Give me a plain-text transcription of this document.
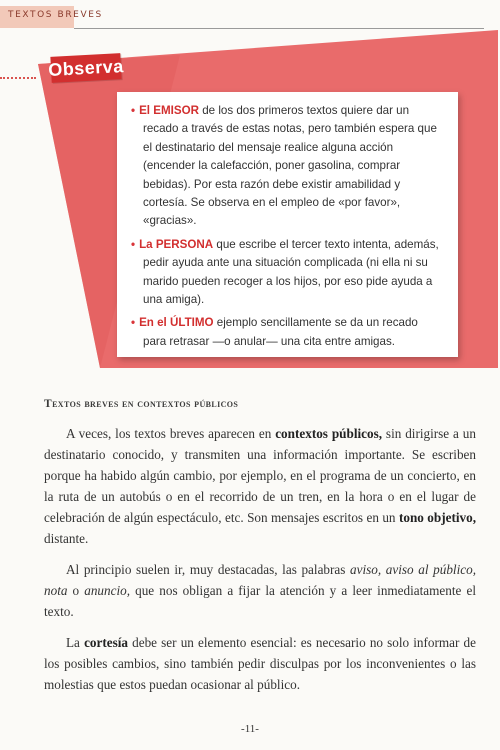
TEXTOS BREVES
Observa

• El EMISOR de los dos primeros textos quiere dar un recado a través de estas notas, pero también espera que el destinatario del mensaje realice alguna acción (encender la calefacción, poner gasolina, comprar bebidas). Por esta razón debe existir amabilidad y cortesía. Se observa en el empleo de «por favor», «gracias».

• La PERSONA que escribe el tercer texto intenta, además, pedir ayuda ante una situación complicada (ni ella ni su marido pueden recoger a los hijos, por eso pide ayuda a una amiga).

• En el ÚLTIMO ejemplo sencillamente se da un recado para retrasar —o anular— una cita entre amigas.

Textos breves en contextos públicos

A veces, los textos breves aparecen en contextos públicos, sin dirigirse a un destinatario conocido, y transmiten una información importante. Se escriben porque ha habido algún cambio, por ejemplo, en el programa de un concierto, en la ruta de un autobús o en el recorrido de un tren, en la hora o en el lugar de celebración de algún espectáculo, etc. Son mensajes escritos en un tono objetivo, distante.

Al principio suelen ir, muy destacadas, las palabras aviso, aviso al público, nota o anuncio, que nos obligan a fijar la atención y a leer inmediatamente el texto.

La cortesía debe ser un elemento esencial: es necesario no solo informar de los posibles cambios, sino también pedir disculpas por los inconvenientes o las molestias que estos puedan ocasionar al público.

-11-
